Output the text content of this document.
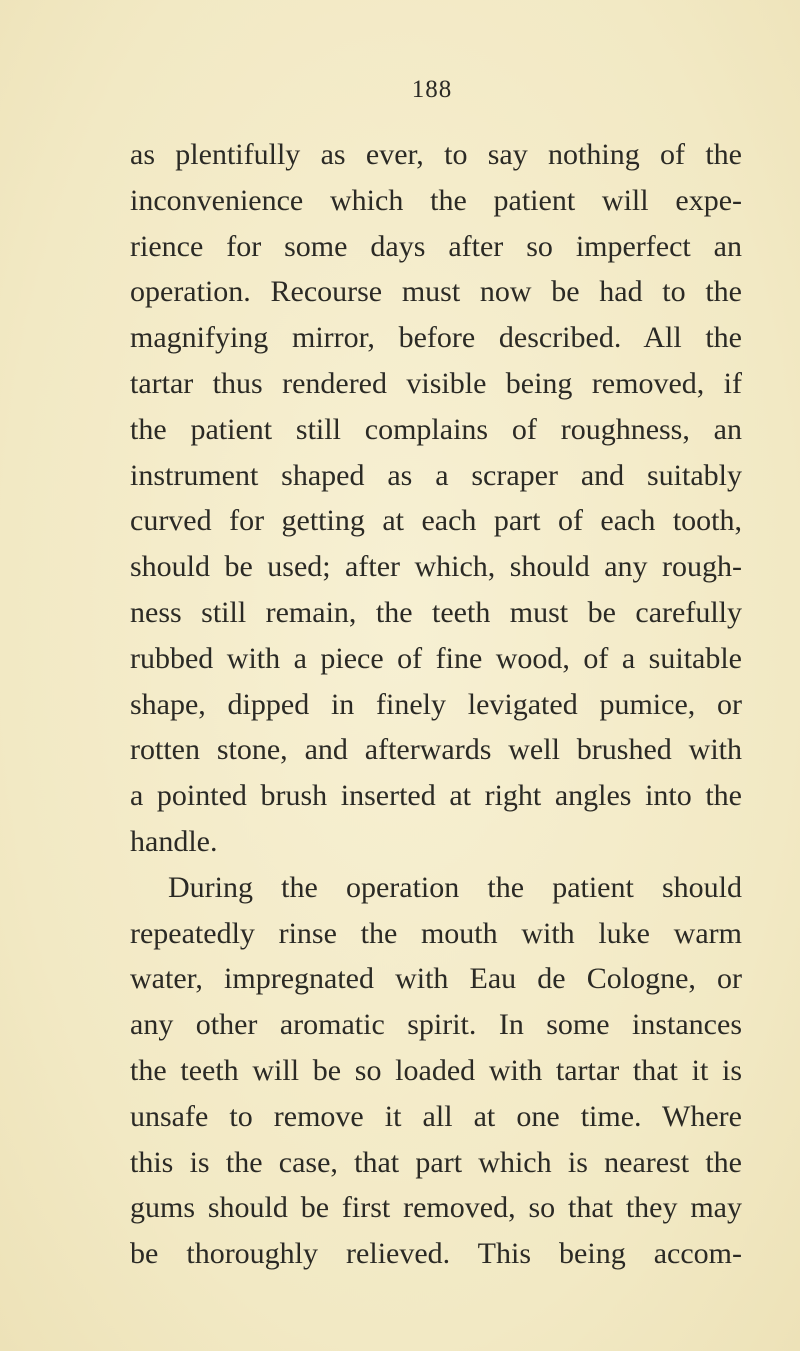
188
as plentifully as ever, to say nothing of the
inconvenience which the patient will expe-
rience for some days after so imperfect an
operation. Recourse must now be had to the
magnifying mirror, before described. All the
tartar thus rendered visible being removed, if
the patient still complains of roughness, an
instrument shaped as a scraper and suitably
curved for getting at each part of each tooth,
should be used; after which, should any rough-
ness still remain, the teeth must be carefully
rubbed with a piece of fine wood, of a suitable
shape, dipped in finely levigated pumice, or
rotten stone, and afterwards well brushed with
a pointed brush inserted at right angles into the
handle.
During the operation the patient should
repeatedly rinse the mouth with luke warm
water, impregnated with Eau de Cologne, or
any other aromatic spirit. In some instances
the teeth will be so loaded with tartar that it is
unsafe to remove it all at one time. Where
this is the case, that part which is nearest the
gums should be first removed, so that they may
be thoroughly relieved. This being accom-
